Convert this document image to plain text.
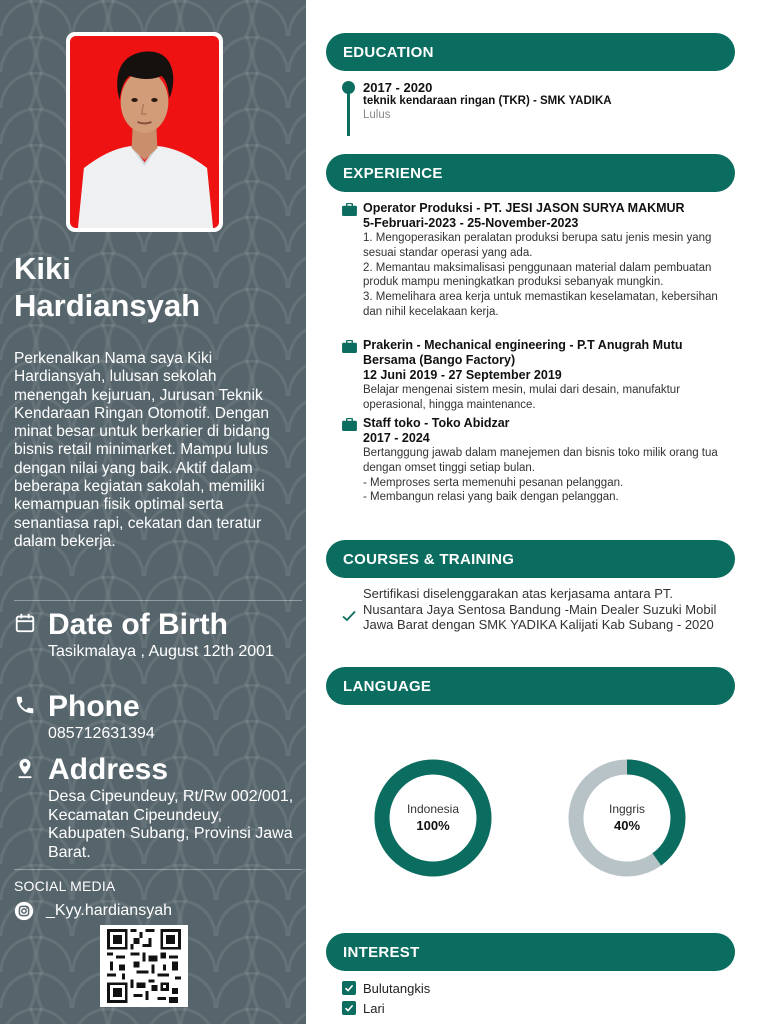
Kiki
Hardiansyah
Perkenalkan Nama saya Kiki Hardiansyah, lulusan sekolah menengah kejuruan, Jurusan Teknik Kendaraan Ringan Otomotif. Dengan minat besar untuk berkarier di bidang bisnis retail minimarket. Mampu lulus dengan nilai yang baik. Aktif dalam beberapa kegiatan sakolah, memiliki kemampuan fisik optimal serta senantiasa rapi, cekatan dan teratur dalam bekerja.
Date of Birth
Tasikmalaya , August 12th 2001
Phone
085712631394
Address
Desa Cipeundeuy, Rt/Rw 002/001, Kecamatan Cipeundeuy, Kabupaten Subang, Provinsi Jawa Barat.
SOCIAL MEDIA
_Kyy.hardiansyah
EDUCATION
2017 - 2020
teknik kendaraan ringan (TKR) - SMK YADIKA
Lulus
EXPERIENCE
Operator Produksi - PT. JESI JASON SURYA MAKMUR
5-Februari-2023 - 25-November-2023
1. Mengoperasikan peralatan produksi berupa satu jenis mesin yang sesuai standar operasi yang ada.
2. Memantau maksimalisasi penggunaan material dalam pembuatan produk mampu meningkatkan produksi sebanyak mungkin.
3. Memelihara area kerja untuk memastikan keselamatan, kebersihan dan nihil kecelakaan kerja.
Prakerin - Mechanical engineering - P.T Anugrah Mutu Bersama (Bango Factory)
12 Juni 2019 - 27 September 2019
Belajar mengenai sistem mesin, mulai dari desain, manufaktur operasional, hingga maintenance.
Staff toko - Toko Abidzar
2017 - 2024
Bertanggung jawab dalam manejemen dan bisnis toko milik orang tua dengan omset tinggi setiap bulan.
- Memproses serta memenuhi pesanan pelanggan.
- Membangun relasi yang baik dengan pelanggan.
COURSES & TRAINING
Sertifikasi diselenggarakan atas kerjasama antara PT. Nusantara Jaya Sentosa Bandung -Main Dealer Suzuki Mobil Jawa Barat dengan SMK YADIKA Kalijati Kab Subang - 2020
LANGUAGE
Indonesia
100%
Inggris
40%
INTEREST
Bulutangkis
Lari
